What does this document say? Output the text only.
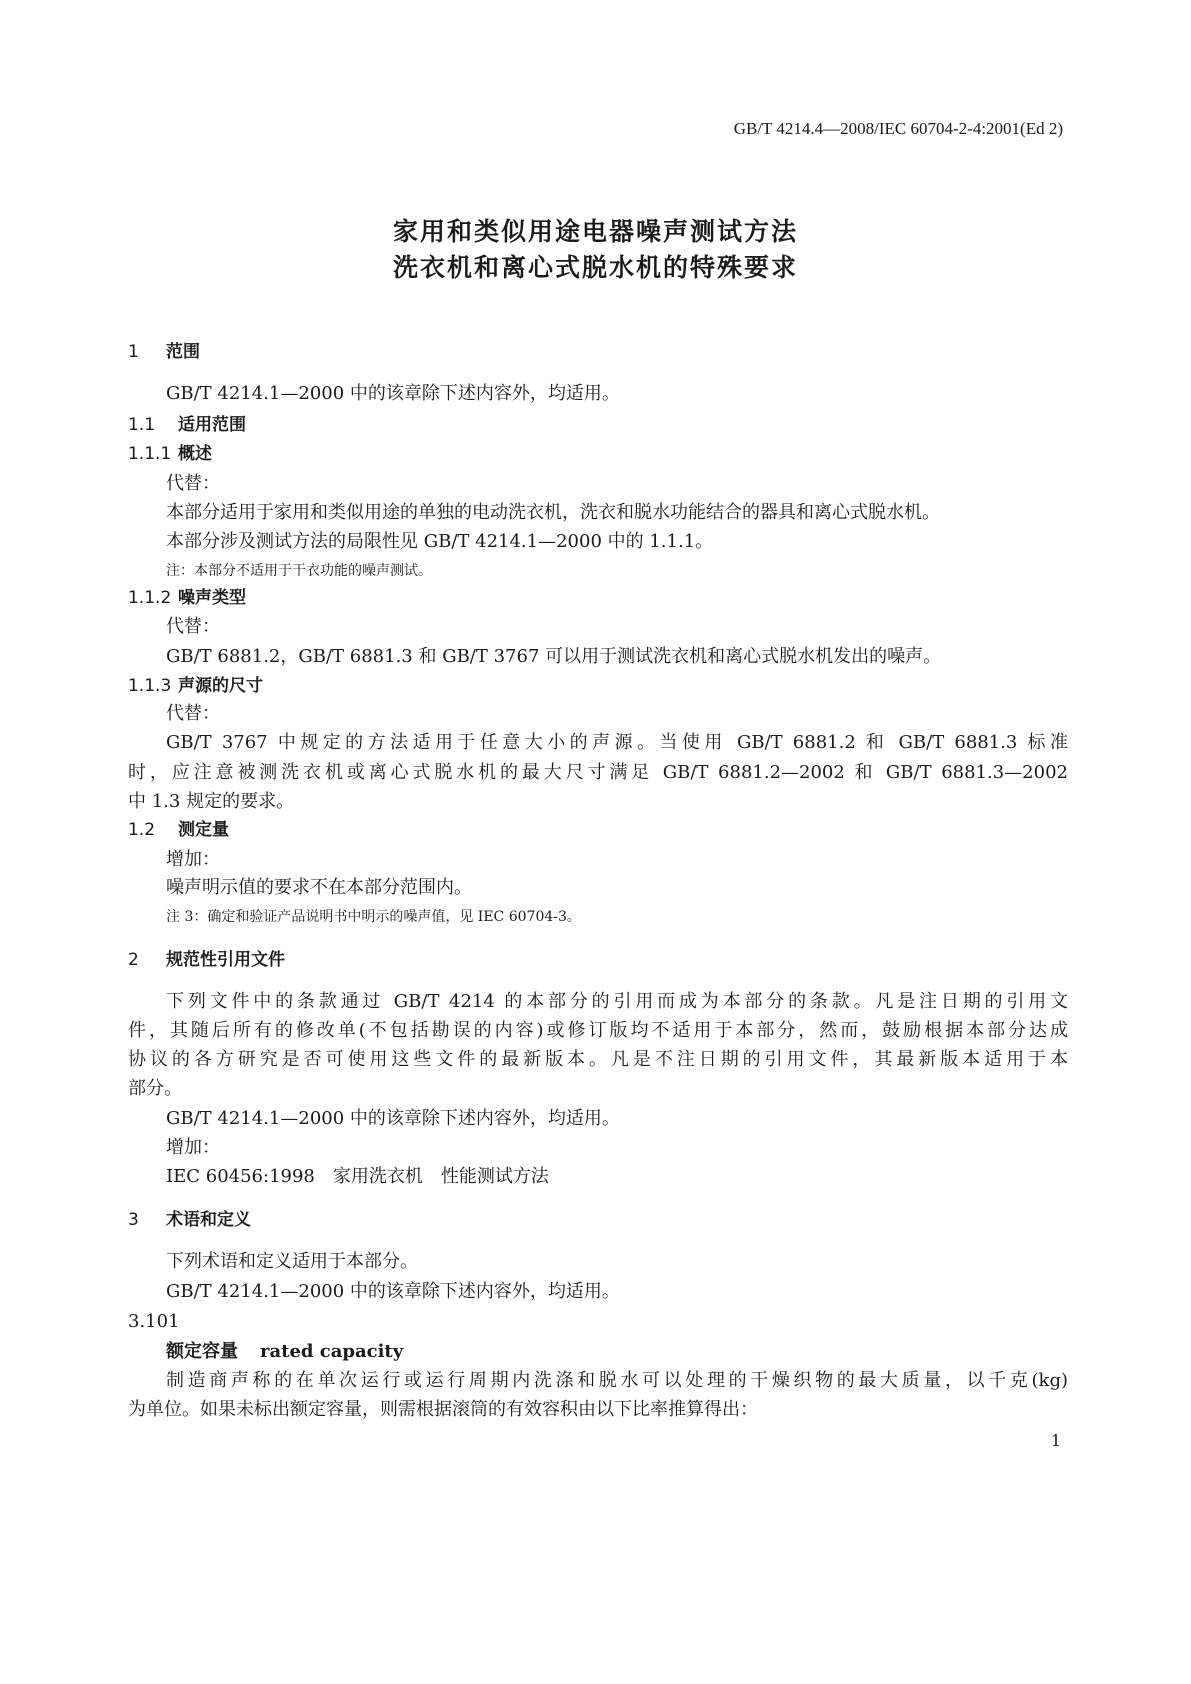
GB/T 4214.4—2008/IEC 60704-2-4:2001(Ed 2)
家用和类似用途电器噪声测试方法
洗衣机和离心式脱水机的特殊要求
1 范围
GB/T 4214.1—2000 中的该章除下述内容外，均适用。
1.1 适用范围
1.1.1 概述
代替：
本部分适用于家用和类似用途的单独的电动洗衣机，洗衣和脱水功能结合的器具和离心式脱水机。
本部分涉及测试方法的局限性见 GB/T 4214.1—2000 中的 1.1.1。
注：本部分不适用于干衣功能的噪声测试。
1.1.2 噪声类型
代替：
GB/T 6881.2，GB/T 6881.3 和 GB/T 3767 可以用于测试洗衣机和离心式脱水机发出的噪声。
1.1.3 声源的尺寸
代替：
GB/T 3767 中规定的方法适用于任意大小的声源。当使用 GB/T 6881.2 和 GB/T 6881.3 标准
时，应注意被测洗衣机或离心式脱水机的最大尺寸满足 GB/T 6881.2—2002 和 GB/T 6881.3—2002
中 1.3 规定的要求。
1.2 测定量
增加：
噪声明示值的要求不在本部分范围内。
注 3：确定和验证产品说明书中明示的噪声值，见 IEC 60704-3。
2 规范性引用文件
下列文件中的条款通过 GB/T 4214 的本部分的引用而成为本部分的条款。凡是注日期的引用文
件，其随后所有的修改单(不包括勘误的内容)或修订版均不适用于本部分，然而，鼓励根据本部分达成
协议的各方研究是否可使用这些文件的最新版本。凡是不注日期的引用文件，其最新版本适用于本
部分。
GB/T 4214.1—2000 中的该章除下述内容外，均适用。
增加：
IEC 60456:1998　家用洗衣机　性能测试方法
3 术语和定义
下列术语和定义适用于本部分。
GB/T 4214.1—2000 中的该章除下述内容外，均适用。
3.101
额定容量 rated capacity
制造商声称的在单次运行或运行周期内洗涤和脱水可以处理的干燥织物的最大质量，以千克(kg)
为单位。如果未标出额定容量，则需根据滚筒的有效容积由以下比率推算得出：
1
